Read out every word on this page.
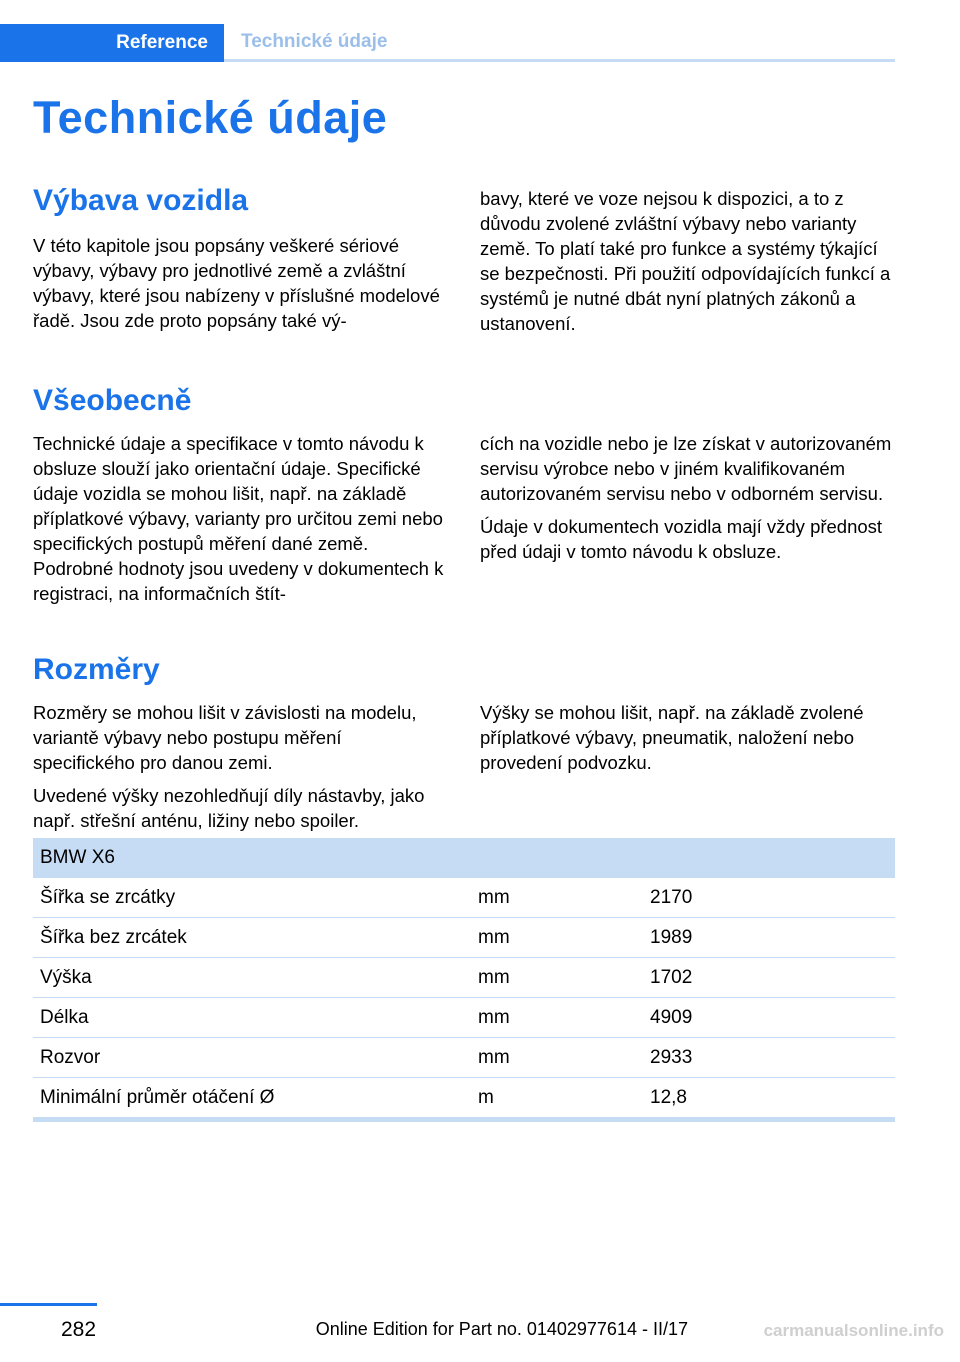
Reference	Technické údaje
Technické údaje
Výbava vozidla

V této kapitole jsou popsány veškeré sériové výbavy, výbavy pro jednotlivé země a zvláštní výbavy, které jsou nabízeny v příslušné modelové řadě. Jsou zde proto popsány také vý-

bavy, které ve voze nejsou k dispozici, a to z důvodu zvolené zvláštní výbavy nebo varianty země. To platí také pro funkce a systémy týkající se bezpečnosti. Při použití odpovídajících funkcí a systémů je nutné dbát nyní platných zákonů a ustanovení.

Všeobecně

Technické údaje a specifikace v tomto návodu k obsluze slouží jako orientační údaje. Specifické údaje vozidla se mohou lišit, např. na základě příplatkové výbavy, varianty pro určitou zemi nebo specifických postupů měření dané země. Podrobné hodnoty jsou uvedeny v dokumentech k registraci, na informačních štít-

cích na vozidle nebo je lze získat v autorizovaném servisu výrobce nebo v jiném kvalifikovaném autorizovaném servisu nebo v odborném servisu.

Údaje v dokumentech vozidla mají vždy přednost před údaji v tomto návodu k obsluze.

Rozměry

Rozměry se mohou lišit v závislosti na modelu, variantě výbavy nebo postupu měření specifického pro danou zemi.

Uvedené výšky nezohledňují díly nástavby, jako např. střešní anténu, ližiny nebo spoiler.

Výšky se mohou lišit, např. na základě zvolené příplatkové výbavy, pneumatik, naložení nebo provedení podvozku.

BMW X6		
Šířka se zrcátky	mm	2170
Šířka bez zrcátek	mm	1989
Výška	mm	1702
Délka	mm	4909
Rozvor	mm	2933
Minimální průměr otáčení Ø	m	12,8
282	Online Edition for Part no. 01402977614 - II/17	carmanualsonline.info
